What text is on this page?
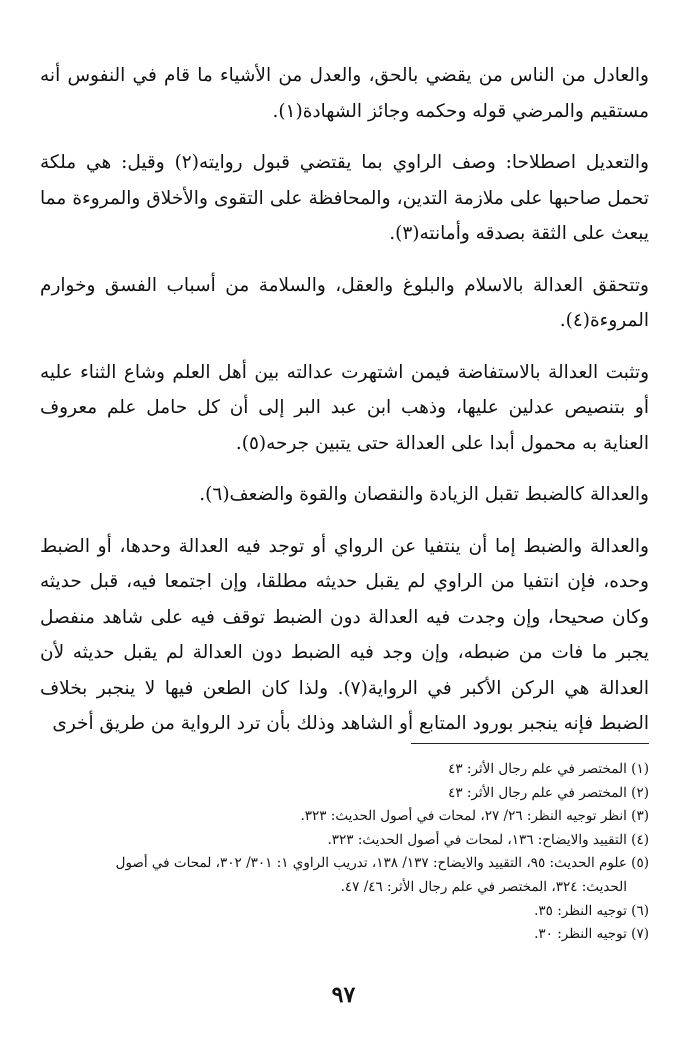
والعادل من الناس من يقضي بالحق، والعدل من الأشياء ما قام في النفوس أنه مستقيم والمرضي قوله وحكمه وجائز الشهادة(١).

والتعديل اصطلاحا: وصف الراوي بما يقتضي قبول روايته(٢) وقيل: هي ملكة تحمل صاحبها على ملازمة التدين، والمحافظة على التقوى والأخلاق والمروءة مما يبعث على الثقة بصدقه وأمانته(٣).

وتتحقق العدالة بالاسلام والبلوغ والعقل، والسلامة من أسباب الفسق وخوارم المروءة(٤).

وتثبت العدالة بالاستفاضة فيمن اشتهرت عدالته بين أهل العلم وشاع الثناء عليه أو بتنصيص عدلين عليها، وذهب ابن عبد البر إلى أن كل حامل علم معروف العناية به محمول أبدا على العدالة حتى يتبين جرحه(٥).

والعدالة كالضبط تقبل الزيادة والنقصان والقوة والضعف(٦).

والعدالة والضبط إما أن ينتفيا عن الرواي أو توجد فيه العدالة وحدها، أو الضبط وحده، فإن انتفيا من الراوي لم يقبل حديثه مطلقا، وإن اجتمعا فيه، قبل حديثه وكان صحيحا، وإن وجدت فيه العدالة دون الضبط توقف فيه على شاهد منفصل يجبر ما فات من ضبطه، وإن وجد فيه الضبط دون العدالة لم يقبل حديثه لأن العدالة هي الركن الأكبر في الرواية(٧). ولذا كان الطعن فيها لا ينجبر بخلاف الضبط فإنه ينجبر بورود المتابع أو الشاهد وذلك بأن ترد الرواية من طريق أخرى

(١) المختصر في علم رجال الأثر: ٤٣

(٢) المختصر في علم رجال الأثر: ٤٣

(٣) انظر توجيه النظر: ٢٦/ ٢٧، لمحات في أصول الحديث: ٣٢٣.

(٤) التقييد والايضاح: ١٣٦، لمحات في أصول الحديث: ٣٢٣.

(٥) علوم الحديث: ٩٥، التقييد والايضاح: ١٣٧/ ١٣٨، تدريب الراوي ١: ٣٠١/ ٣٠٢، لمحات في أصول

الحديث: ٣٢٤، المختصر في علم رجال الأثر: ٤٦/ ٤٧.

(٦) توجيه النظر: ٣٥.

(٧) توجيه النظر: ٣٠.

٩٧
